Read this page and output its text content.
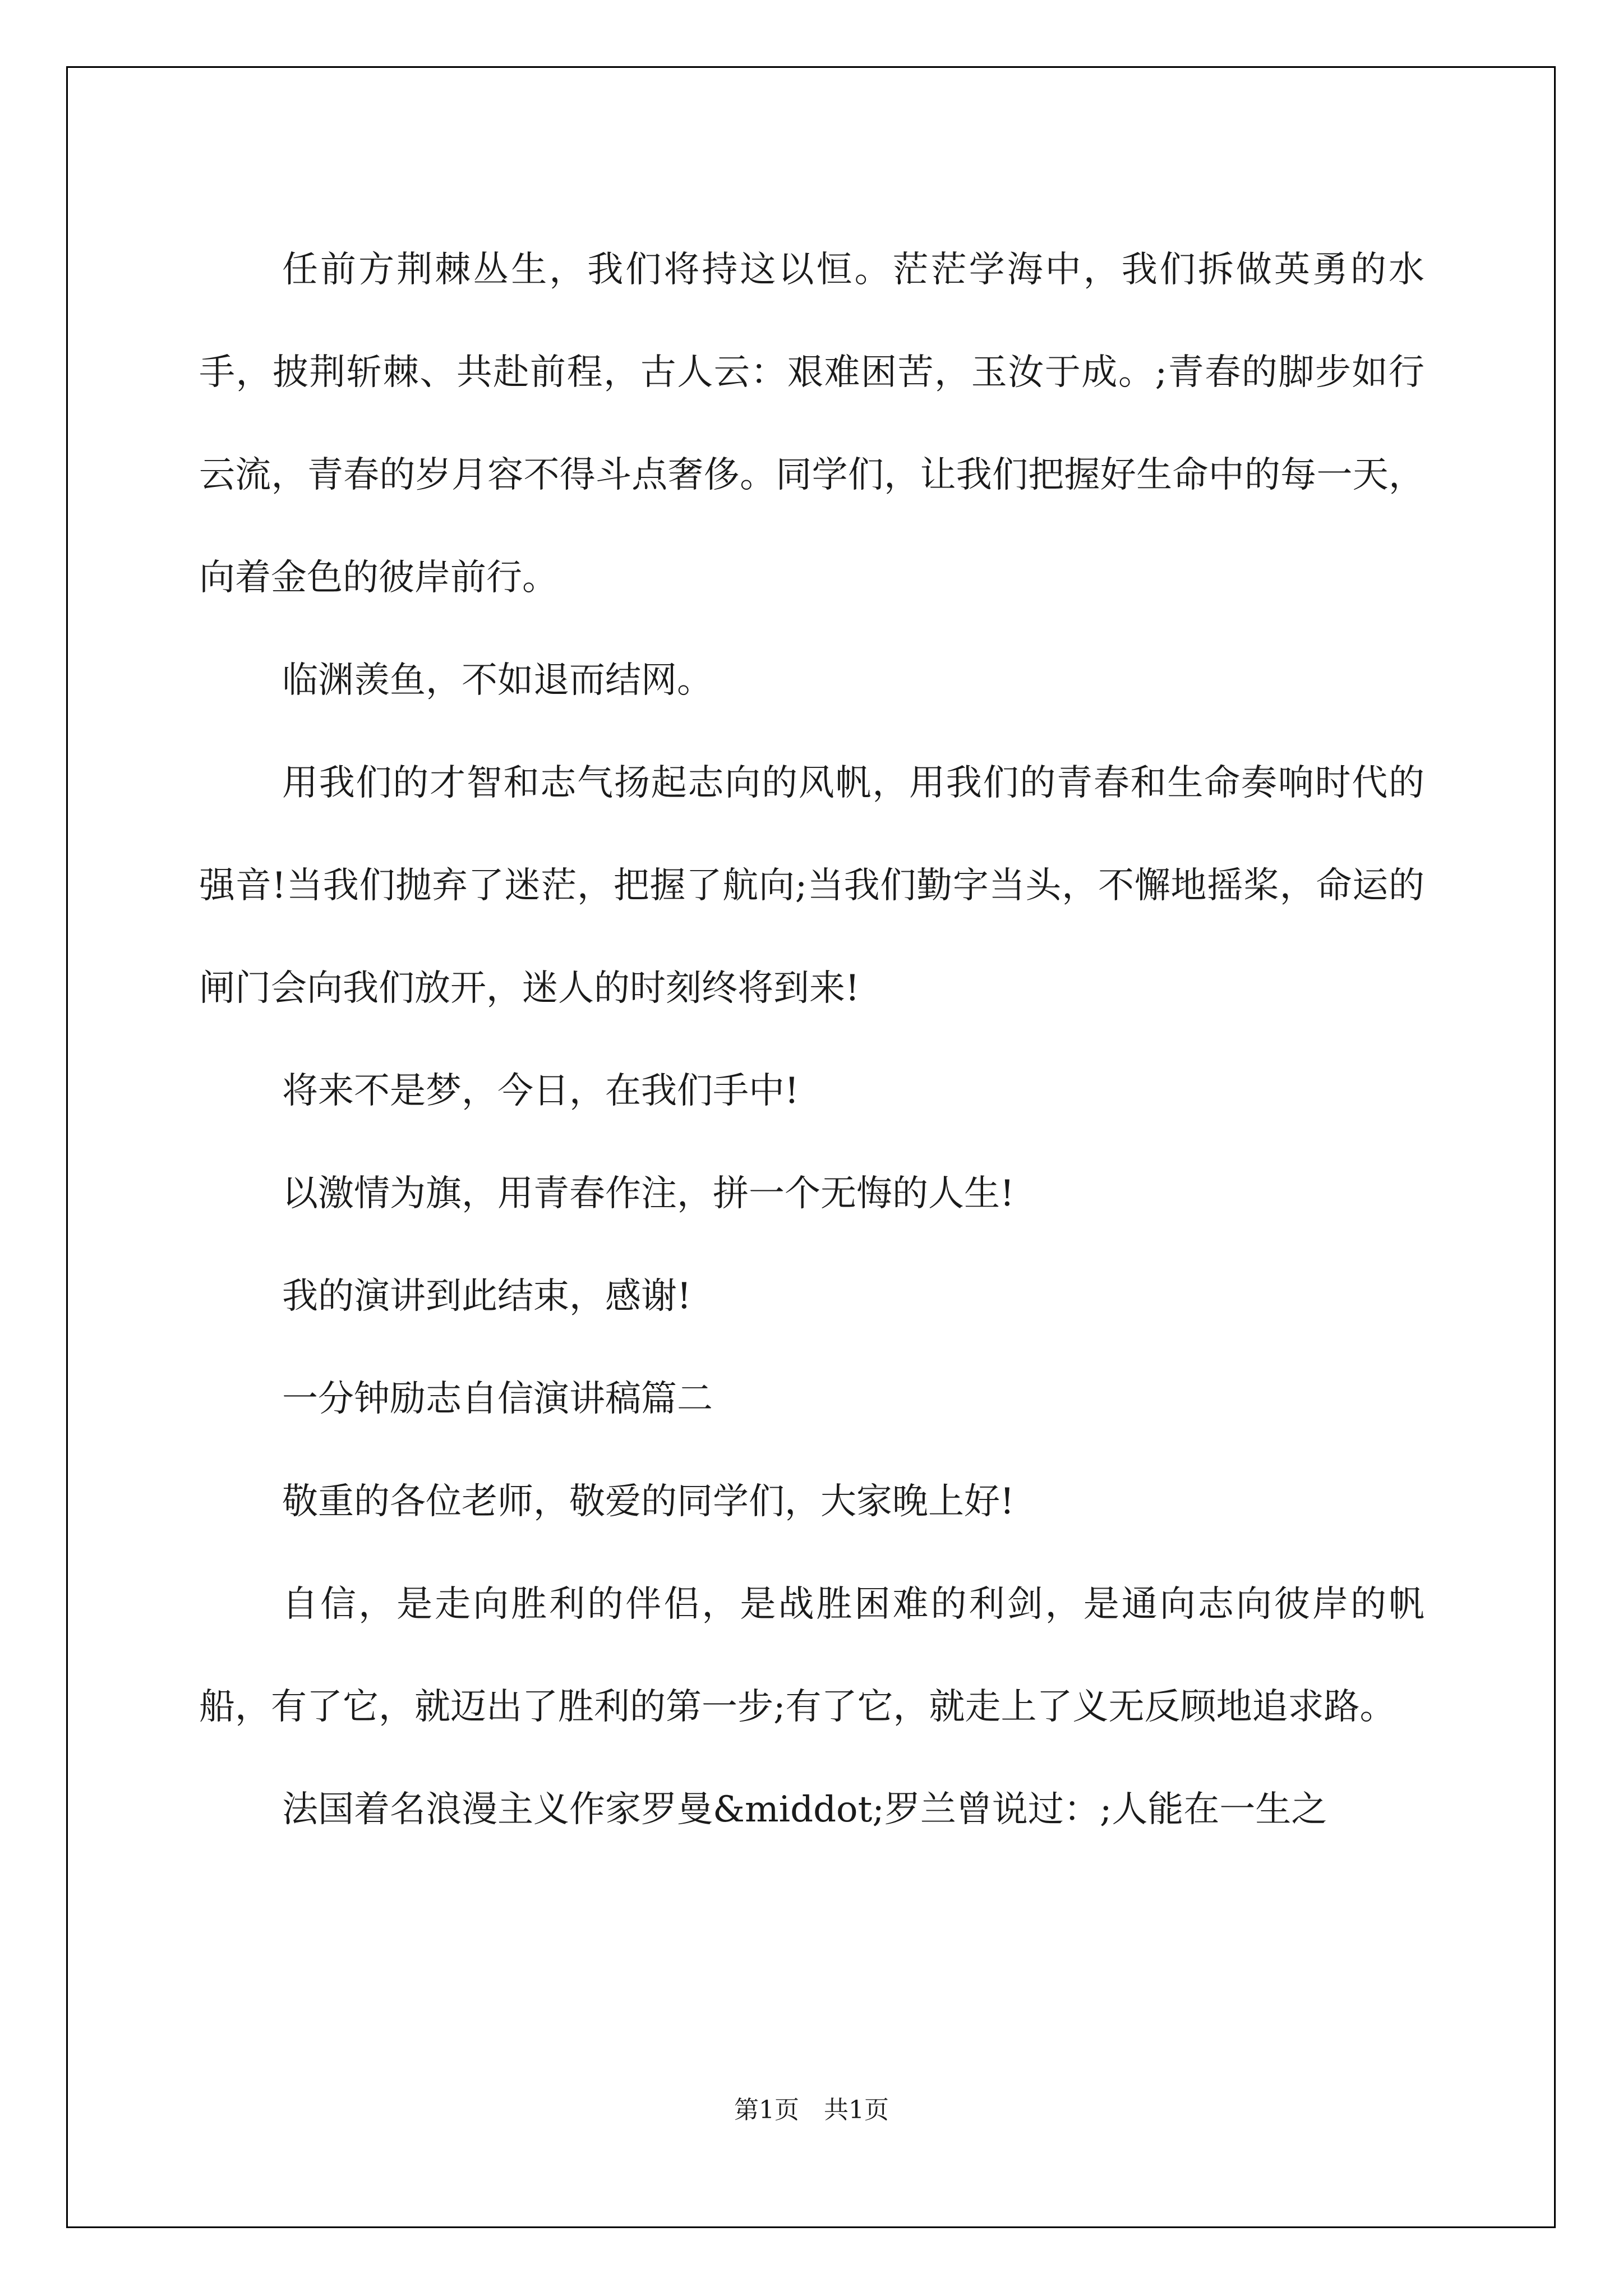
任前方荆棘丛生，我们将持这以恒。茫茫学海中，我们拆做英勇的水手，披荆斩棘、共赴前程，古人云：艰难困苦，玉汝于成。;青春的脚步如行云流，青春的岁月容不得斗点奢侈。同学们，让我们把握好生命中的每一天，向着金色的彼岸前行。

临渊羡鱼，不如退而结网。

用我们的才智和志气扬起志向的风帆，用我们的青春和生命奏响时代的强音!当我们抛弃了迷茫，把握了航向;当我们勤字当头，不懈地摇桨，命运的闸门会向我们放开，迷人的时刻终将到来!

将来不是梦，今日，在我们手中!

以激情为旗，用青春作注，拼一个无悔的人生!

我的演讲到此结束，感谢!

一分钟励志自信演讲稿篇二

敬重的各位老师，敬爱的同学们，大家晚上好!

自信，是走向胜利的伴侣，是战胜困难的利剑，是通向志向彼岸的帆船，有了它，就迈出了胜利的第一步;有了它，就走上了义无反顾地追求路。

法国着名浪漫主义作家罗曼&middot;罗兰曾说过：;人能在一生之

第1页 共1页
